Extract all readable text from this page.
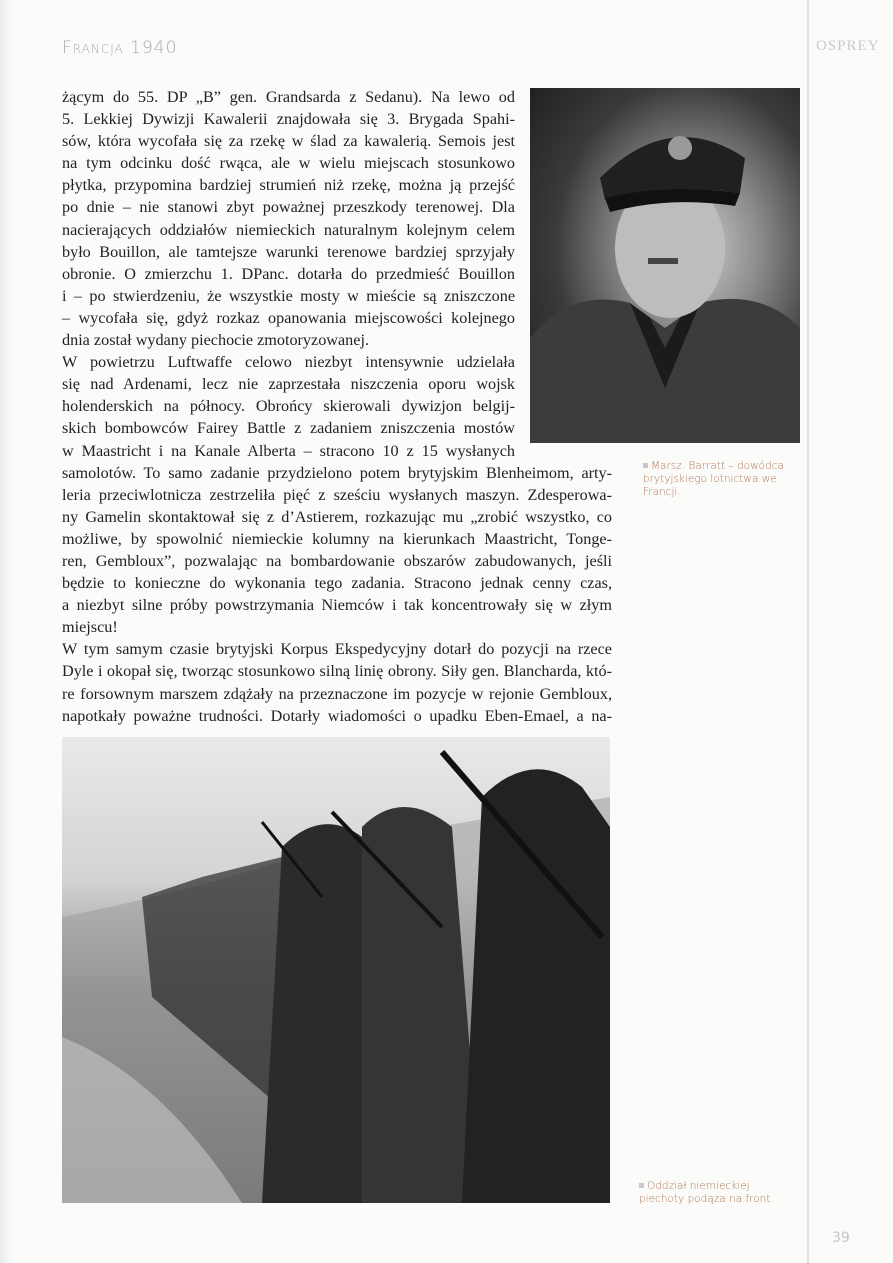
Francja 1940	OSPREY
żącym do 55. DP „B” gen. Grandsarda z Sedanu). Na lewo od
5. Lekkiej Dywizji Kawalerii znajdowała się 3. Brygada Spahi-
sów, która wycofała się za rzekę w ślad za kawalerią. Semois jest
na tym odcinku dość rwąca, ale w wielu miejscach stosunkowo
płytka, przypomina bardziej strumień niż rzekę, można ją przejść
po dnie – nie stanowi zbyt poważnej przeszkody terenowej. Dla
nacierających oddziałów niemieckich naturalnym kolejnym celem
było Bouillon, ale tamtejsze warunki terenowe bardziej sprzyjały
obronie. O zmierzchu 1. DPanc. dotarła do przedmieść Bouillon
i – po stwierdzeniu, że wszystkie mosty w mieście są zniszczone
– wycofała się, gdyż rozkaz opanowania miejscowości kolejnego
dnia został wydany piechocie zmotoryzowanej.
W powietrzu Luftwaffe celowo niezbyt intensywnie udzielała
się nad Ardenami, lecz nie zaprzestała niszczenia oporu wojsk
holenderskich na północy. Obrońcy skierowali dywizjon belgij-
skich bombowców Fairey Battle z zadaniem zniszczenia mostów
w Maastricht i na Kanale Alberta – stracono 10 z 15 wysłanych
samolotów. To samo zadanie przydzielono potem brytyjskim Blenheimom, arty-
leria przeciwlotnicza zestrzeliła pięć z sześciu wysłanych maszyn. Zdesperowa-
ny Gamelin skontaktował się z d’Astierem, rozkazując mu „zrobić wszystko, co
możliwe, by spowolnić niemieckie kolumny na kierunkach Maastricht, Tonge-
ren, Gembloux”, pozwalając na bombardowanie obszarów zabudowanych, jeśli
będzie to konieczne do wykonania tego zadania. Stracono jednak cenny czas,
a niezbyt silne próby powstrzymania Niemców i tak koncentrowały się w złym
miejscu!
W tym samym czasie brytyjski Korpus Ekspedycyjny dotarł do pozycji na rzece
Dyle i okopał się, tworząc stosunkowo silną linię obrony. Siły gen. Blancharda, któ-
re forsownym marszem zdążały na przeznaczone im pozycje w rejonie Gembloux,
napotkały poważne trudności. Dotarły wiadomości o upadku Eben-Emael, a na-
Marsz. Barratt – dowódca brytyjskiego lotnictwa we Francji.
Oddział niemieckiej piechoty podąża na front.
39
